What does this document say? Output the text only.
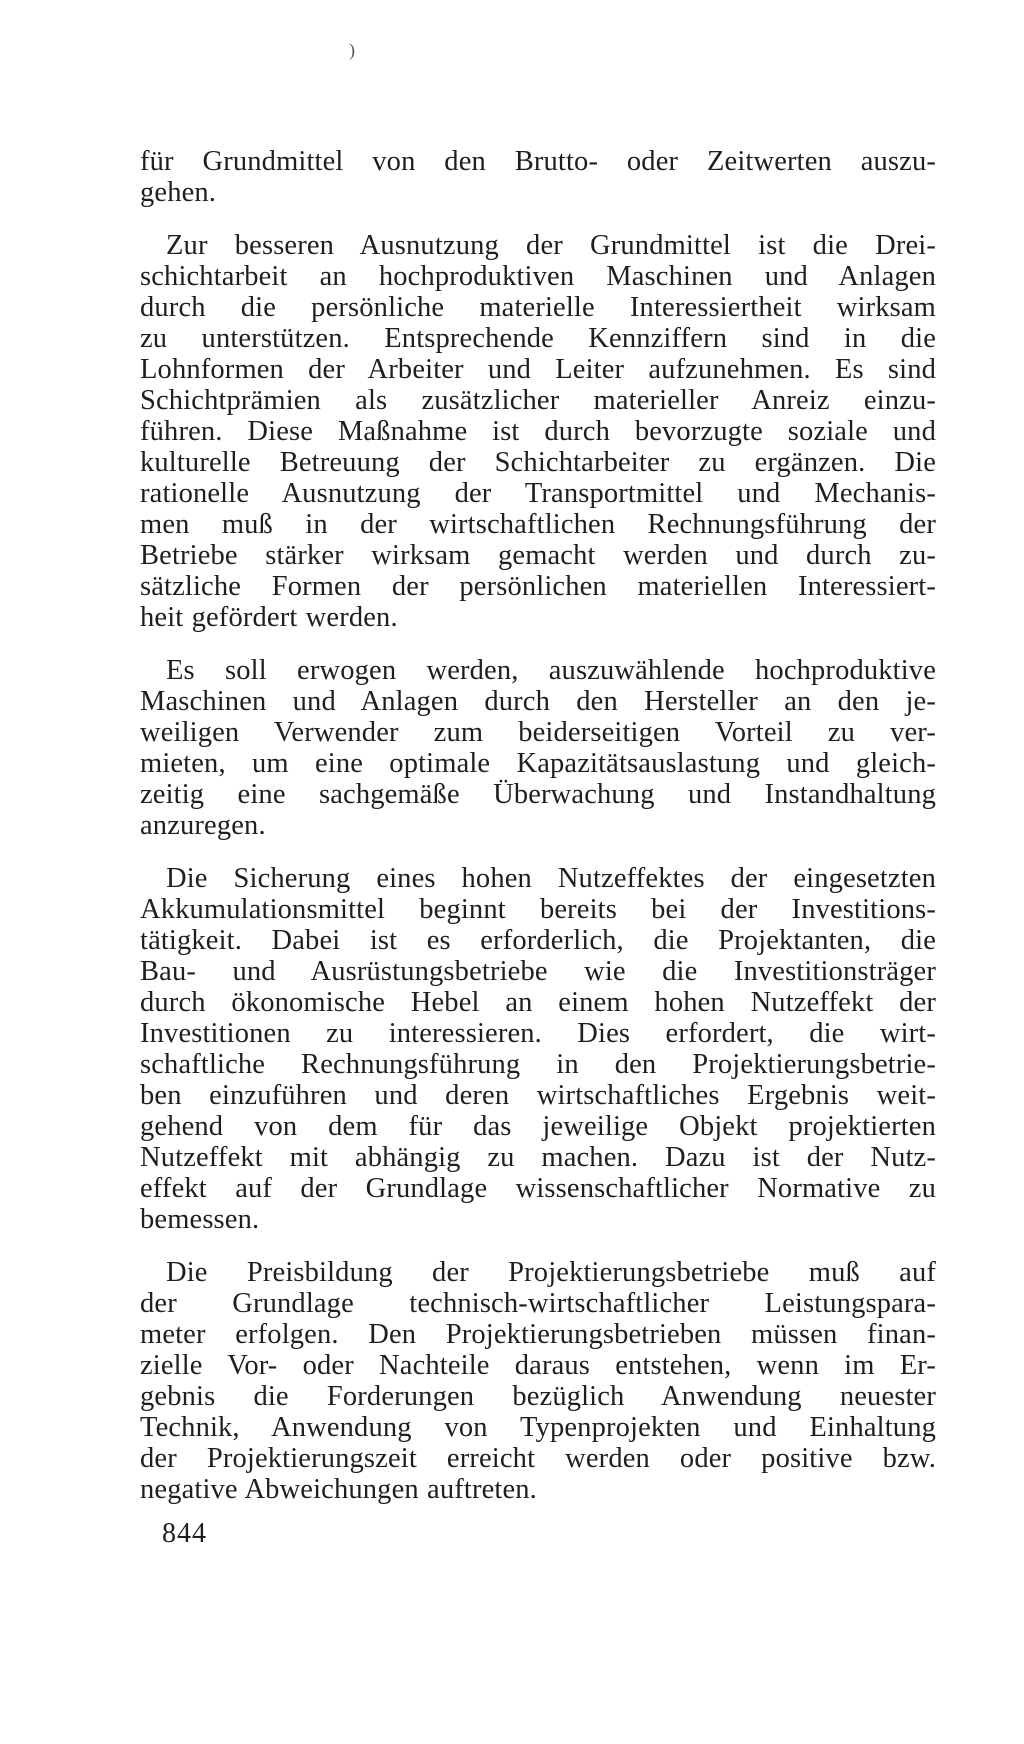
)
für Grundmittel von den Brutto- oder Zeitwerten auszu-
gehen.
Zur besseren Ausnutzung der Grundmittel ist die Drei-
schichtarbeit an hochproduktiven Maschinen und Anlagen
durch die persönliche materielle Interessiertheit wirksam
zu unterstützen. Entsprechende Kennziffern sind in die
Lohnformen der Arbeiter und Leiter aufzunehmen. Es sind
Schichtprämien als zusätzlicher materieller Anreiz einzu-
führen. Diese Maßnahme ist durch bevorzugte soziale und
kulturelle Betreuung der Schichtarbeiter zu ergänzen. Die
rationelle Ausnutzung der Transportmittel und Mechanis-
men muß in der wirtschaftlichen Rechnungsführung der
Betriebe stärker wirksam gemacht werden und durch zu-
sätzliche Formen der persönlichen materiellen Interessiert-
heit gefördert werden.
Es soll erwogen werden, auszuwählende hochproduktive
Maschinen und Anlagen durch den Hersteller an den je-
weiligen Verwender zum beiderseitigen Vorteil zu ver-
mieten, um eine optimale Kapazitätsauslastung und gleich-
zeitig eine sachgemäße Überwachung und Instandhaltung
anzuregen.
Die Sicherung eines hohen Nutzeffektes der eingesetzten
Akkumulationsmittel beginnt bereits bei der Investitions-
tätigkeit. Dabei ist es erforderlich, die Projektanten, die
Bau- und Ausrüstungsbetriebe wie die Investitionsträger
durch ökonomische Hebel an einem hohen Nutzeffekt der
Investitionen zu interessieren. Dies erfordert, die wirt-
schaftliche Rechnungsführung in den Projektierungsbetrie-
ben einzuführen und deren wirtschaftliches Ergebnis weit-
gehend von dem für das jeweilige Objekt projektierten
Nutzeffekt mit abhängig zu machen. Dazu ist der Nutz-
effekt auf der Grundlage wissenschaftlicher Normative zu
bemessen.
Die Preisbildung der Projektierungsbetriebe muß auf
der Grundlage technisch-wirtschaftlicher Leistungspara-
meter erfolgen. Den Projektierungsbetrieben müssen finan-
zielle Vor- oder Nachteile daraus entstehen, wenn im Er-
gebnis die Forderungen bezüglich Anwendung neuester
Technik, Anwendung von Typenprojekten und Einhaltung
der Projektierungszeit erreicht werden oder positive bzw.
negative Abweichungen auftreten.
844
